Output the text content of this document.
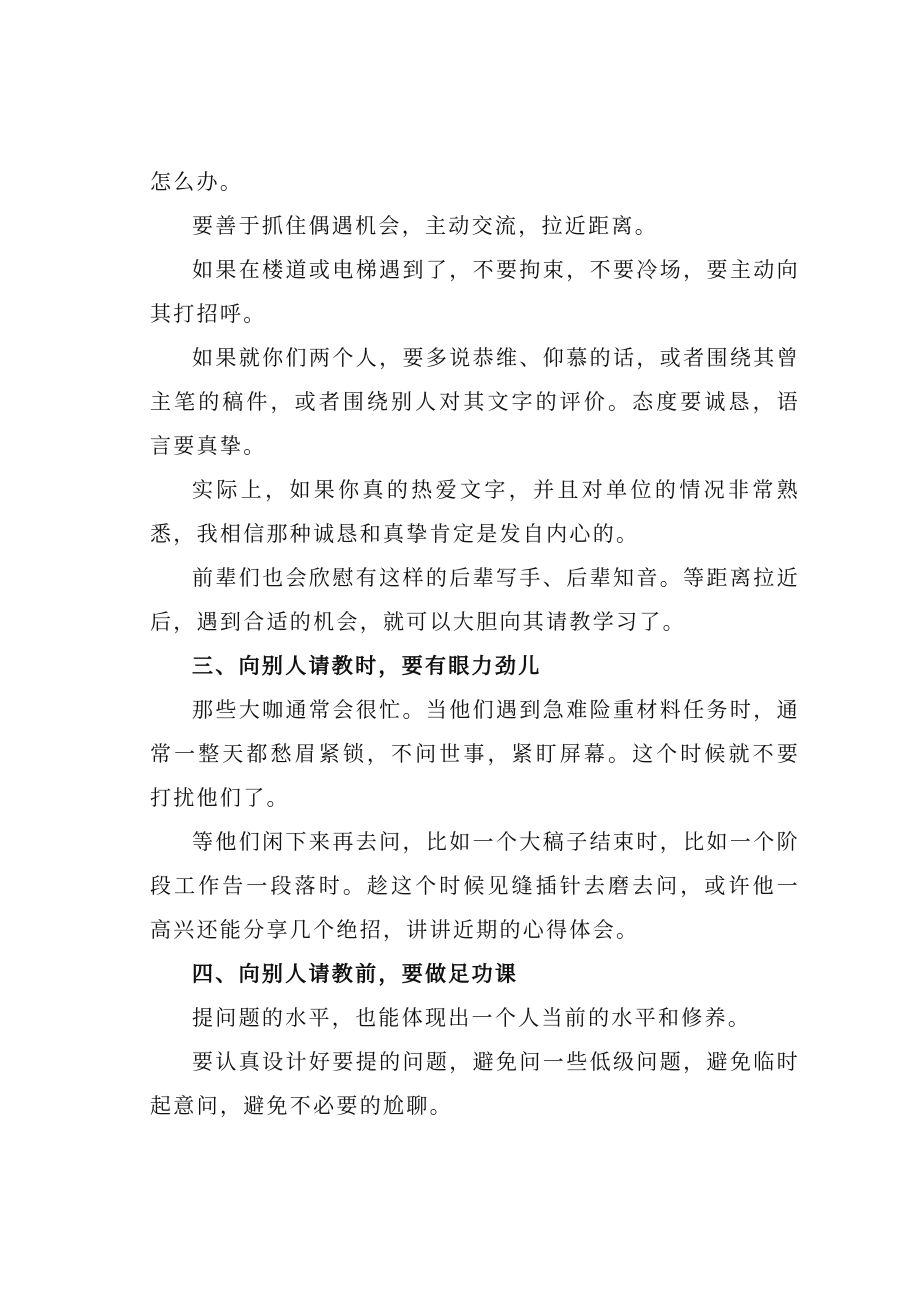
怎么办。

要善于抓住偶遇机会，主动交流，拉近距离。

如果在楼道或电梯遇到了，不要拘束，不要冷场，要主动向其打招呼。

如果就你们两个人，要多说恭维、仰慕的话，或者围绕其曾主笔的稿件，或者围绕别人对其文字的评价。态度要诚恳，语言要真挚。

实际上，如果你真的热爱文字，并且对单位的情况非常熟悉，我相信那种诚恳和真挚肯定是发自内心的。

前辈们也会欣慰有这样的后辈写手、后辈知音。等距离拉近后，遇到合适的机会，就可以大胆向其请教学习了。

三、向别人请教时，要有眼力劲儿

那些大咖通常会很忙。当他们遇到急难险重材料任务时，通常一整天都愁眉紧锁，不问世事，紧盯屏幕。这个时候就不要打扰他们了。

等他们闲下来再去问，比如一个大稿子结束时，比如一个阶段工作告一段落时。趁这个时候见缝插针去磨去问，或许他一高兴还能分享几个绝招，讲讲近期的心得体会。

四、向别人请教前，要做足功课

提问题的水平，也能体现出一个人当前的水平和修养。

要认真设计好要提的问题，避免问一些低级问题，避免临时起意问，避免不必要的尬聊。
